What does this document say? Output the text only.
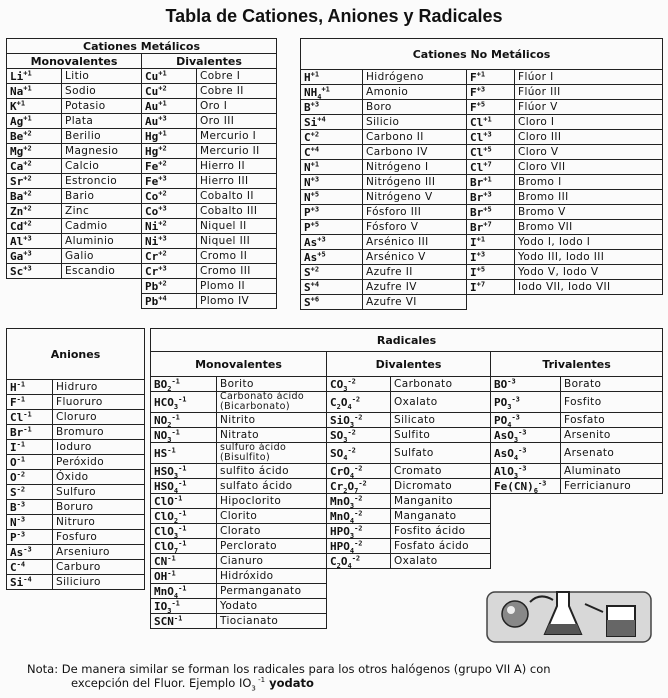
Tabla de Cationes, Aniones y Radicales
Cationes Metálicos			
Monovalentes		Divalentes	
$Li^{+1}$	Litio	$Cu^{+1}$	Cobre I
$Na^{+1}$	Sodio	$Cu^{+2}$	Cobre II
$K^{+1}$	Potasio	$Au^{+1}$	Oro I
$Ag^{+1}$	Plata	$Au^{+3}$	Oro III
$Be^{+2}$	Berilio	$Hg^{+1}$	Mercurio I
$Mg^{+2}$	Magnesio	$Hg^{+2}$	Mercurio II
$Ca^{+2}$	Calcio	$Fe^{+2}$	Hierro II
$Sr^{+2}$	Estroncio	$Fe^{+3}$	Hierro III
$Ba^{+2}$	Bario	$Co^{+2}$	Cobalto II
$Zn^{+2}$	Zinc	$Co^{+3}$	Cobalto III
$Cd^{+2}$	Cadmio	$Ni^{+2}$	Niquel II
$Al^{+3}$	Aluminio	$Ni^{+3}$	Niquel III
$Ga^{+3}$	Galio	$Cr^{+2}$	Cromo II
$Sc^{+3}$	Escandio	$Cr^{+3}$	Cromo III
		$Pb^{+2}$	Plomo II
		$Pb^{+4}$	Plomo IV
Cationes No Metálicos			
$H^{+1}$	Hidrógeno	$F^{+1}$	Flúor I
$NH_4^{+1}$	Amonio	$F^{+3}$	Flúor III
$B^{+3}$	Boro	$F^{+5}$	Flúor V
$Si^{+4}$	Silicio	$Cl^{+1}$	Cloro I
$C^{+2}$	Carbono II	$Cl^{+3}$	Cloro III
$C^{+4}$	Carbono IV	$Cl^{+5}$	Cloro V
$N^{+1}$	Nitrógeno I	$Cl^{+7}$	Cloro VII
$N^{+3}$	Nitrógeno III	$Br^{+1}$	Bromo I
$N^{+5}$	Nitrógeno V	$Br^{+3}$	Bromo III
$P^{+3}$	Fósforo III	$Br^{+5}$	Bromo V
$P^{+5}$	Fósforo V	$Br^{+7}$	Bromo VII
$As^{+3}$	Arsénico III	$I^{+1}$	Yodo I, Iodo I
$As^{+5}$	Arsénico V	$I^{+3}$	Yodo III, Iodo III
$S^{+2}$	Azufre II	$I^{+5}$	Yodo V, Iodo V
$S^{+4}$	Azufre IV	$I^{+7}$	Iodo VII, Iodo VII
$S^{+6}$	Azufre VI		
Aniones	
$H^{-1}$	Hidruro
$F^{-1}$	Fluoruro
$Cl^{-1}$	Cloruro
$Br^{-1}$	Bromuro
$I^{-1}$	Ioduro
$O^{-1}$	Peróxido
$O^{-2}$	Óxido
$S^{-2}$	Sulfuro
$B^{-3}$	Boruro
$N^{-3}$	Nitruro
$P^{-3}$	Fosfuro
$As^{-3}$	Arseniuro
$C^{-4}$	Carburo
$Si^{-4}$	Siliciuro
Radicales					
Monovalentes		Divalentes		Trivalentes	
$BO_2^{-1}$	Borito	$CO_3^{-2}$	Carbonato	$BO^{-3}$	Borato
$HCO_3^{-1}$	Carbonato ácido (Bicarbonato)	$C_2O_4^{-2}$	Oxalato	$PO_3^{-3}$	Fosfito
$NO_2^{-1}$	Nitrito	SiO$_3^{-2}$	Silicato	$PO_4^{-3}$	Fosfato
$NO_3^{-1}$	Nitrato	$SO_3^{-2}$	Sulfito	AsO$_3^{-3}$	Arsenito
$HS^{-1}$	sulfuro ácido (Bisulfito)	$SO_4^{-2}$	Sulfato	AsO$_4^{-3}$	Arsenato
$HSO_3^{-1}$	sulfito ácido	CrO$_4^{-2}$	Cromato	AlO$_3^{-3}$	Aluminato
$HSO_4^{-1}$	sulfato ácido	$Cr_2O_7^{-2}$	Dicromato	$Fe(CN)_6^{-3}$	Ferricianuro
ClO$^{-1}$	Hipoclorito	MnO$_3^{-2}$	Manganito		
ClO$_2^{-1}$	Clorito	MnO$_4^{-2}$	Manganato		
ClO$_3^{-1}$	Clorato	$HPO_3^{-2}$	Fosfito ácido		
ClO$_7^{-1}$	Perclorato	$HPO_4^{-2}$	Fosfato ácido		
$CN^{-1}$	Cianuro	$C_2O_4^{-2}$	Oxalato		
$OH^{-1}$	Hidróxido				
MnO$_4^{-1}$	Permanganato				
$IO_3^{-1}$	Yodato				
$SCN^{-1}$	Tiocianato				
Nota: De manera similar se forman los radicales para los otros halógenos (grupo VII A) con
excepción del Fluor. Ejemplo $IO_3$ $^{-1}$ yodato
